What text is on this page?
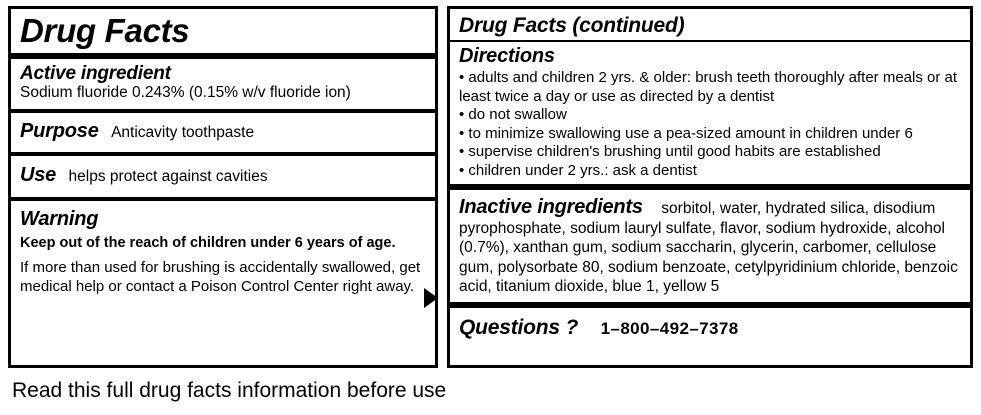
Drug Facts
Active ingredient
Sodium fluoride 0.243% (0.15% w/v fluoride ion)
Purpose Anticavity toothpaste
Use helps protect against cavities
Warning
Keep out of the reach of children under 6 years of age.
If more than used for brushing is accidentally swallowed, get medical help or contact a Poison Control Center right away.
Drug Facts (continued)
Directions
• adults and children 2 yrs. & older: brush teeth thoroughly after meals or at least twice a day or use as directed by a dentist
• do not swallow
• to minimize swallowing use a pea-sized amount in children under 6
• supervise children's brushing until good habits are established
• children under 2 yrs.: ask a dentist
Inactive ingredients sorbitol, water, hydrated silica, disodium pyrophosphate, sodium lauryl sulfate, flavor, sodium hydroxide, alcohol (0.7%), xanthan gum, sodium saccharin, glycerin, carbomer, cellulose gum, polysorbate 80, sodium benzoate, cetylpyridinium chloride, benzoic acid, titanium dioxide, blue 1, yellow 5
Questions ? 1–800–492–7378
Read this full drug facts information before use
